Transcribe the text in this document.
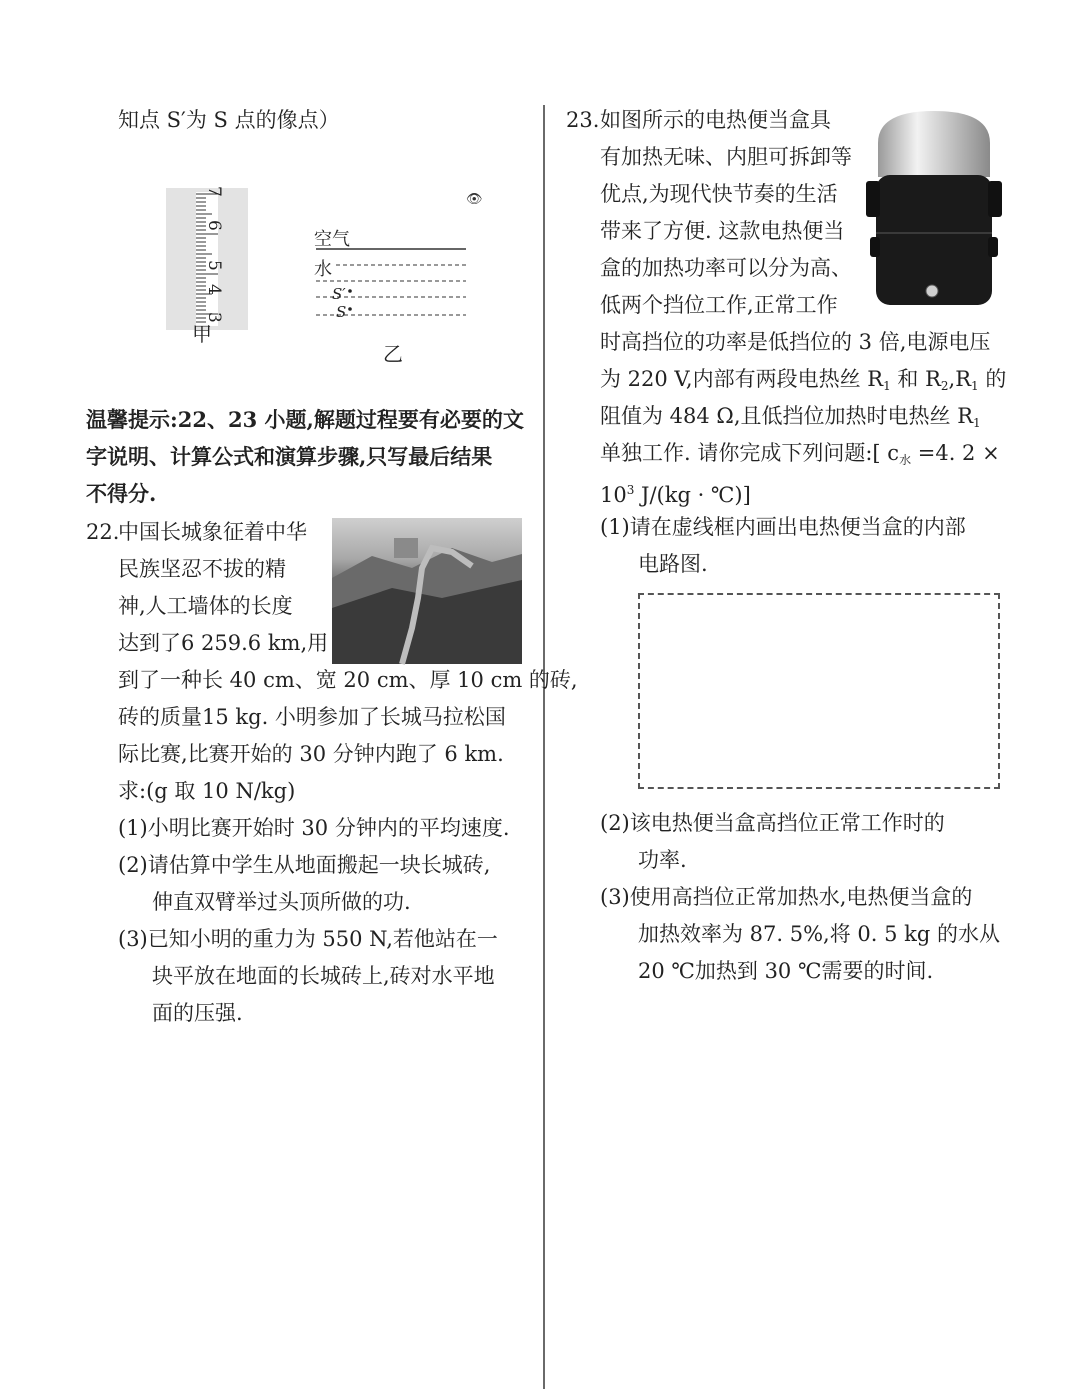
知点 S′为 S 点的像点）
3
4
5
6
7
甲
👁
空气
水
S′
S
乙
温馨提示:22、23 小题,解题过程要有必要的文
字说明、计算公式和演算步骤,只写最后结果
不得分.
22.
中国长城象征着中华
民族坚忍不拔的精
神,人工墙体的长度
达到了6 259.6 km,用
到了一种长 40 cm、宽 20 cm、厚 10 cm 的砖,
砖的质量15 kg. 小明参加了长城马拉松国
际比赛,比赛开始的 30 分钟内跑了 6 km.
求:(g 取 10 N/kg)
(1)小明比赛开始时 30 分钟内的平均速度.
(2)请估算中学生从地面搬起一块长城砖,
伸直双臂举过头顶所做的功.
(3)已知小明的重力为 550 N,若他站在一
块平放在地面的长城砖上,砖对水平地
面的压强.
23. 如图所示的电热便当盒具
有加热无味、内胆可拆卸等
优点,为现代快节奏的生活
带来了方便. 这款电热便当
盒的加热功率可以分为高、
低两个挡位工作,正常工作
时高挡位的功率是低挡位的 3 倍,电源电压
为 220 V,内部有两段电热丝 $R_1$ 和 $R_2,R_1$ 的
阻值为 484 Ω,且低挡位加热时电热丝 $R_1$
单独工作. 请你完成下列问题:[ $c_水 =4$. 2 ×
$10^3$ J/(kg · ℃)]
(1)请在虚线框内画出电热便当盒的内部
电路图.
(2)该电热便当盒高挡位正常工作时的
功率.
(3)使用高挡位正常加热水,电热便当盒的
加热效率为 87. 5%,将 0. 5 kg 的水从
20 ℃加热到 30 ℃需要的时间.
